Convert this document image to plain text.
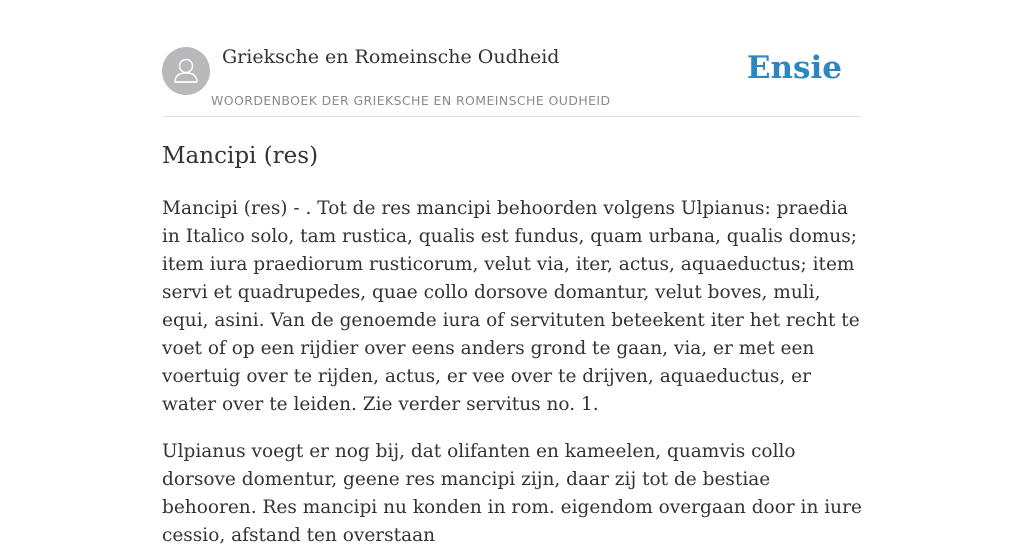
Grieksche en Romeinsche Oudheid
WOORDENBOEK DER GRIEKSCHE EN ROMEINSCHE OUDHEID
Ensie
Mancipi (res)

Mancipi (res) - . Tot de res mancipi behoorden volgens Ulpianus: praedia in Italico solo, tam rustica, qualis est fundus, quam urbana, qualis domus; item iura praediorum rusticorum, velut via, iter, actus, aquaeductus; item servi et quadrupedes, quae collo dorsove domantur, velut boves, muli, equi, asini. Van de genoemde iura of servituten beteekent iter het recht te voet of op een rijdier over eens anders grond te gaan, via, er met een voertuig over te rijden, actus, er vee over te drijven, aquaeductus, er water over te leiden. Zie verder servitus no. 1.

Ulpianus voegt er nog bij, dat olifanten en kameelen, quamvis collo dorsove domentur, geene res mancipi zijn, daar zij tot de bestiae behooren. Res mancipi nu konden in rom. eigendom overgaan door in iure cessio, afstand ten overstaan
